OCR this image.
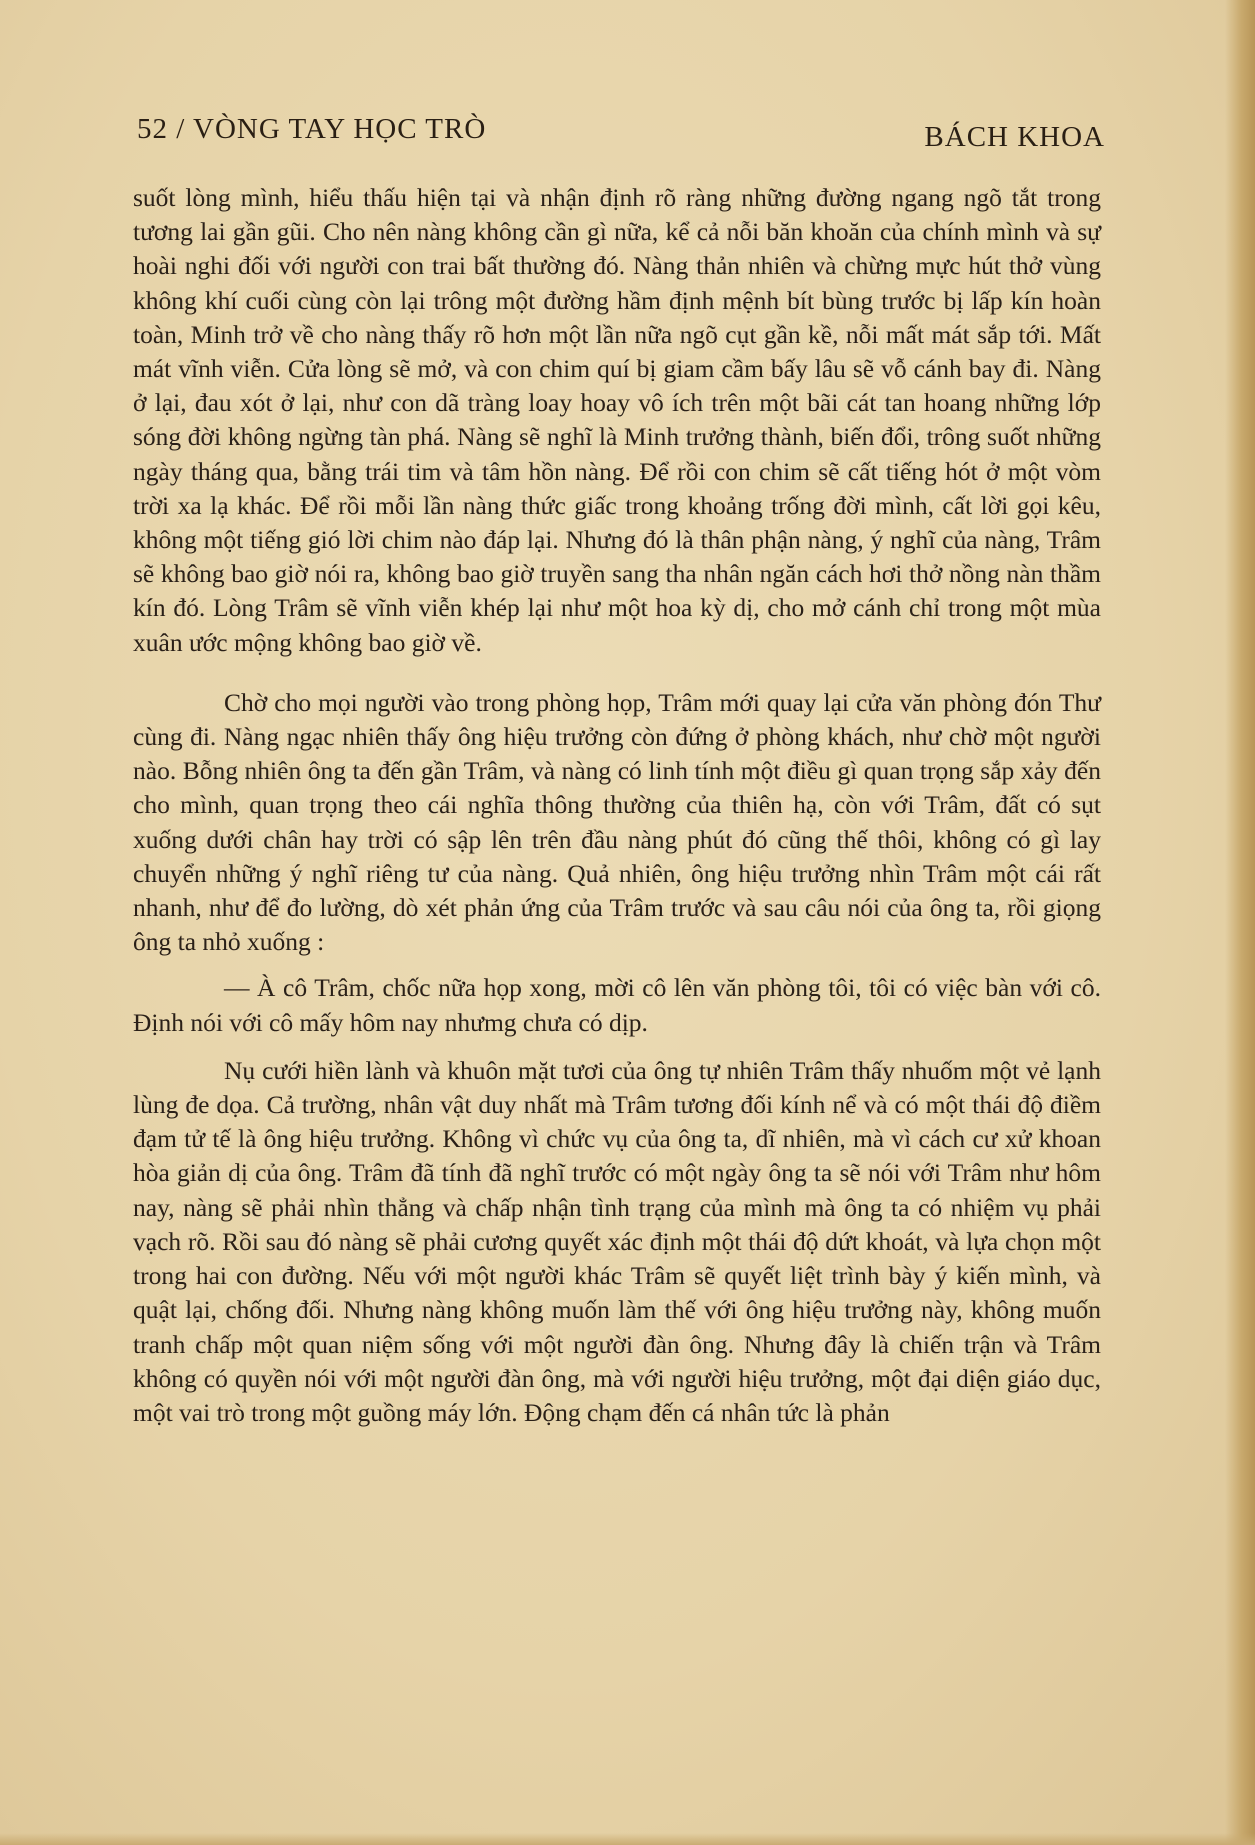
52 / VÒNG TAY HỌC TRÒ	BÁCH KHOA

suốt lòng mình, hiểu thấu hiện tại và nhận định rõ ràng những đường ngang ngõ tắt trong tương lai gần gũi. Cho nên nàng không cần gì nữa, kể cả nỗi băn khoăn của chính mình và sự hoài nghi đối với người con trai bất thường đó. Nàng thản nhiên và chừng mực hút thở vùng không khí cuối cùng còn lại trông một đường hầm định mệnh bít bùng trước bị lấp kín hoàn toàn, Minh trở về cho nàng thấy rõ hơn một lần nữa ngõ cụt gần kề, nỗi mất mát sắp tới. Mất mát vĩnh viễn. Cửa lòng sẽ mở, và con chim quí bị giam cầm bấy lâu sẽ vỗ cánh bay đi. Nàng ở lại, đau xót ở lại, như con dã tràng loay hoay vô ích trên một bãi cát tan hoang những lớp sóng đời không ngừng tàn phá. Nàng sẽ nghĩ là Minh trưởng thành, biến đổi, trông suốt những ngày tháng qua, bằng trái tim và tâm hồn nàng. Để rồi con chim sẽ cất tiếng hót ở một vòm trời xa lạ khác. Để rồi mỗi lần nàng thức giấc trong khoảng trống đời mình, cất lời gọi kêu, không một tiếng gió lời chim nào đáp lại. Nhưng đó là thân phận nàng, ý nghĩ của nàng, Trâm sẽ không bao giờ nói ra, không bao giờ truyền sang tha nhân ngăn cách hơi thở nồng nàn thầm kín đó. Lòng Trâm sẽ vĩnh viễn khép lại như một hoa kỳ dị, cho mở cánh chỉ trong một mùa xuân ước mộng không bao giờ về.

Chờ cho mọi người vào trong phòng họp, Trâm mới quay lại cửa văn phòng đón Thư cùng đi. Nàng ngạc nhiên thấy ông hiệu trưởng còn đứng ở phòng khách, như chờ một người nào. Bỗng nhiên ông ta đến gần Trâm, và nàng có linh tính một điều gì quan trọng sắp xảy đến cho mình, quan trọng theo cái nghĩa thông thường của thiên hạ, còn với Trâm, đất có sụt xuống dưới chân hay trời có sập lên trên đầu nàng phút đó cũng thế thôi, không có gì lay chuyển những ý nghĩ riêng tư của nàng. Quả nhiên, ông hiệu trưởng nhìn Trâm một cái rất nhanh, như để đo lường, dò xét phản ứng của Trâm trước và sau câu nói của ông ta, rồi giọng ông ta nhỏ xuống :

— À cô Trâm, chốc nữa họp xong, mời cô lên văn phòng tôi, tôi có việc bàn với cô. Định nói với cô mấy hôm nay nhưmg chưa có dịp.

Nụ cưới hiền lành và khuôn mặt tươi của ông tự nhiên Trâm thấy nhuốm một vẻ lạnh lùng đe dọa. Cả trường, nhân vật duy nhất mà Trâm tương đối kính nể và có một thái độ điềm đạm tử tế là ông hiệu trưởng. Không vì chức vụ của ông ta, dĩ nhiên, mà vì cách cư xử khoan hòa giản dị của ông. Trâm đã tính đã nghĩ trước có một ngày ông ta sẽ nói với Trâm như hôm nay, nàng sẽ phải nhìn thẳng và chấp nhận tình trạng của mình mà ông ta có nhiệm vụ phải vạch rõ. Rồi sau đó nàng sẽ phải cương quyết xác định một thái độ dứt khoát, và lựa chọn một trong hai con đường. Nếu với một người khác Trâm sẽ quyết liệt trình bày ý kiến mình, và quật lại, chống đối. Nhưng nàng không muốn làm thế với ông hiệu trưởng này, không muốn tranh chấp một quan niệm sống với một người đàn ông. Nhưng đây là chiến trận và Trâm không có quyền nói với một người đàn ông, mà với người hiệu trưởng, một đại diện giáo dục, một vai trò trong một guồng máy lớn. Động chạm đến cá nhân tức là phản
